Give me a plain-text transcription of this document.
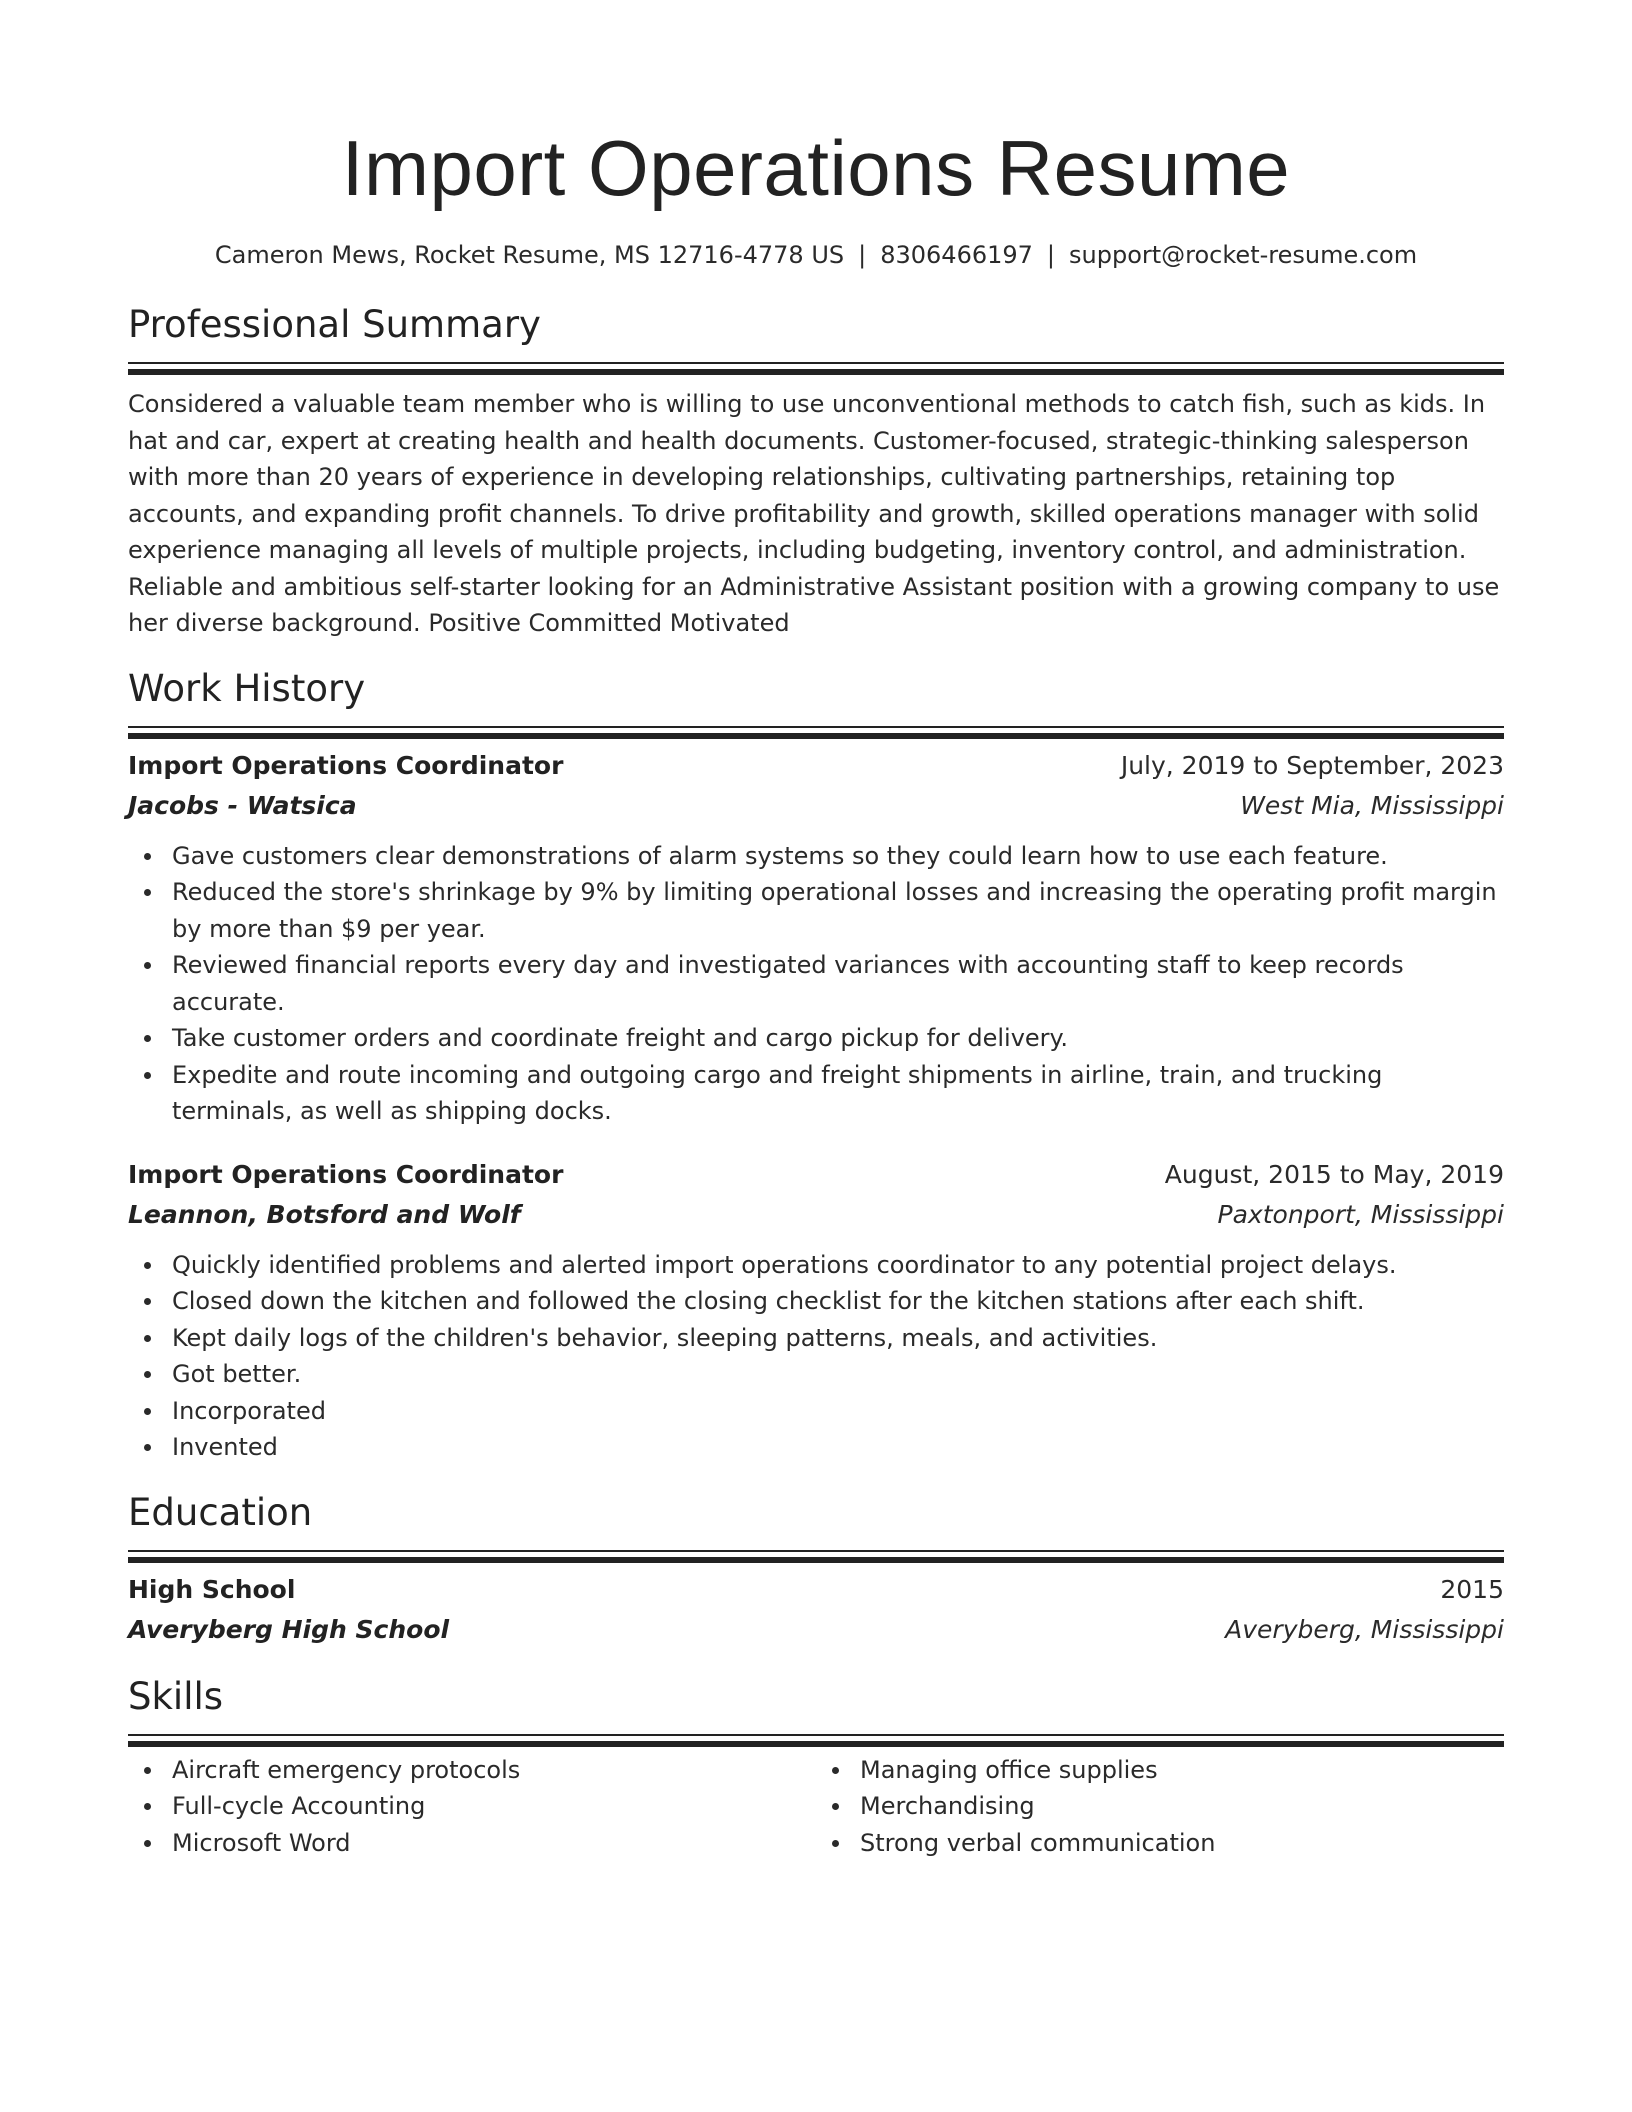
Import Operations Resume
Cameron Mews, Rocket Resume, MS 12716-4778 US | 8306466197 | support@rocket-resume.com
Professional Summary

Considered a valuable team member who is willing to use unconventional methods to catch fish, such as kids. In hat and car, expert at creating health and health documents. Customer-focused, strategic-thinking salesperson with more than 20 years of experience in developing relationships, cultivating partnerships, retaining top accounts, and expanding profit channels. To drive profitability and growth, skilled operations manager with solid experience managing all levels of multiple projects, including budgeting, inventory control, and administration. Reliable and ambitious self-starter looking for an Administrative Assistant position with a growing company to use her diverse background. Positive Committed Motivated

Work History
Import Operations Coordinator	July, 2019 to September, 2023
Jacobs - Watsica	West Mia, Mississippi
Gave customers clear demonstrations of alarm systems so they could learn how to use each feature.
Reduced the store's shrinkage by 9% by limiting operational losses and increasing the operating profit margin by more than $9 per year.
Reviewed financial reports every day and investigated variances with accounting staff to keep records accurate.
Take customer orders and coordinate freight and cargo pickup for delivery.
Expedite and route incoming and outgoing cargo and freight shipments in airline, train, and trucking terminals, as well as shipping docks.
Import Operations Coordinator	August, 2015 to May, 2019
Leannon, Botsford and Wolf	Paxtonport, Mississippi
Quickly identified problems and alerted import operations coordinator to any potential project delays.
Closed down the kitchen and followed the closing checklist for the kitchen stations after each shift.
Kept daily logs of the children's behavior, sleeping patterns, meals, and activities.
Got better.
Incorporated
Invented
Education
High School	2015
Averyberg High School	Averyberg, Mississippi
Skills
Aircraft emergency protocols
Full-cycle Accounting
Microsoft Word
Managing office supplies
Merchandising
Strong verbal communication
